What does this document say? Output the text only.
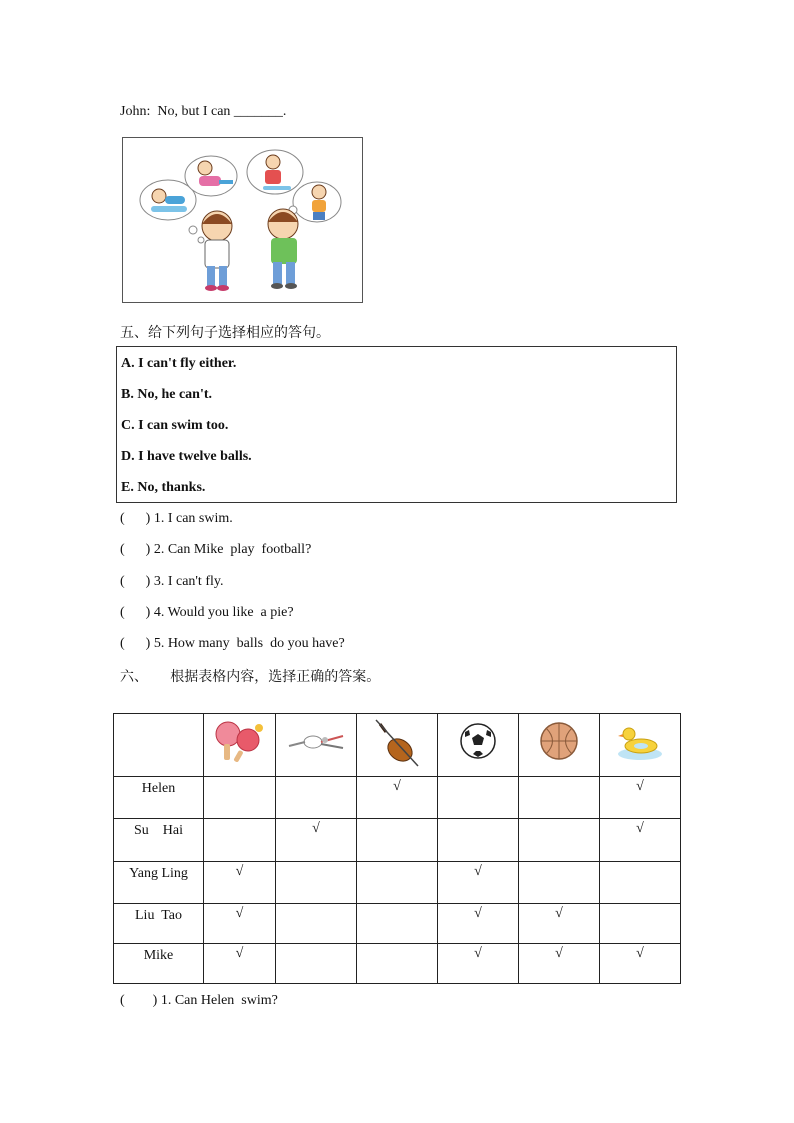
John:  No, but I can _______.
五、给下列句子选择相应的答句。
A. I can't fly either.
B. No, he can't.
C. I can swim too.
D. I have twelve balls.
E. No, thanks.
(      ) 1. I can swim.
(      ) 2. Can Mike  play  football?
(      ) 3. I can't fly.
(      ) 4. Would you like  a pie?
(      ) 5. How many  balls  do you have?
六、     根据表格内容，选择正确的答案。

Helen			√			√
Su    Hai		√				√
Yang Ling	√			√		
Liu  Tao	√			√	√	
Mike	√			√	√	√
(        ) 1. Can Helen  swim?
